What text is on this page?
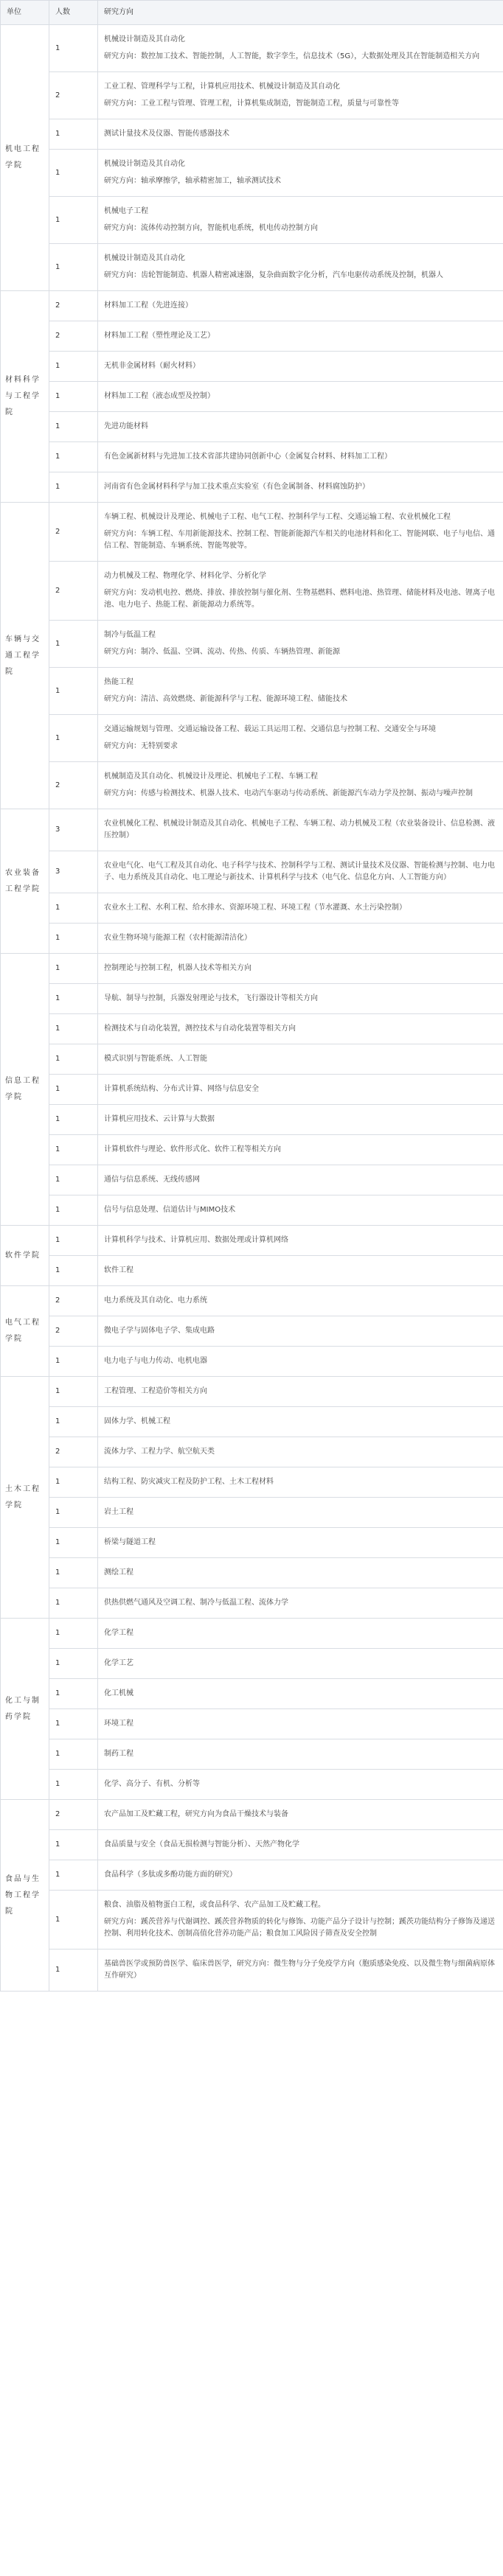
单位	人数	研究方向
机电工程学院	1	机械设计制造及其自动化

研究方向：数控加工技术、智能控制，人工智能，数字孪生，信息技术（5G），大数据处理及其在智能制造相关方向

	2	工业工程、管理科学与工程，计算机应用技术、机械设计制造及其自动化

研究方向：工业工程与管理、管理工程，计算机集成制造，智能制造工程，质量与可靠性等

	1	测试计量技术及仪器、智能传感器技术

	1	机械设计制造及其自动化

研究方向：轴承摩擦学，轴承精密加工，轴承测试技术

	1	机械电子工程

研究方向：流体传动控制方向，智能机电系统，机电传动控制方向

	1	机械设计制造及其自动化

研究方向：齿轮智能制造、机器人精密减速器，复杂曲面数字化分析，汽车电驱传动系统及控制，机器人

材料科学与工程学院	2	材料加工工程（先进连接）

	2	材料加工工程（塑性理论及工艺）

	1	无机非金属材料（耐火材料）

	1	材料加工工程（液态成型及控制）

	1	先进功能材料

	1	有色金属新材料与先进加工技术省部共建协同创新中心（金属复合材料、材料加工工程）

	1	河南省有色金属材料科学与加工技术重点实验室（有色金属制备、材料腐蚀防护）

车辆与交通工程学院	2	车辆工程、机械设计及理论、机械电子工程、电气工程、控制科学与工程、交通运输工程、农业机械化工程

研究方向：车辆工程、车用新能源技术、控制工程、智能新能源汽车相关的电池材料和化工、智能网联、电子与电信、通信工程、智能制造、车辆系统、智能驾驶等。

	2	动力机械及工程、物理化学、材料化学、分析化学

研究方向：发动机电控、燃烧、排放、排放控制与催化剂、生物基燃料、燃料电池、热管理、储能材料及电池、锂离子电池、电力电子、热能工程、新能源动力系统等。

	1	制冷与低温工程

研究方向：制冷、低温、空调、流动、传热、传质、车辆热管理、新能源

	1	热能工程

研究方向：清洁、高效燃烧、新能源科学与工程、能源环境工程、储能技术

	1	交通运输规划与管理、交通运输设备工程、载运工具运用工程、交通信息与控制工程、交通安全与环境

研究方向：无特别要求

	2	机械制造及其自动化、机械设计及理论、机械电子工程、车辆工程

研究方向：传感与检测技术、机器人技术、电动汽车驱动与传动系统、新能源汽车动力学及控制、振动与噪声控制

农业装备工程学院	3	农业机械化工程、机械设计制造及其自动化、机械电子工程、车辆工程、动力机械及工程（农业装备设计、信息检测、液压控制）

	3	农业电气化、电气工程及其自动化、电子科学与技术、控制科学与工程、测试计量技术及仪器、智能检测与控制、电力电子、电力系统及其自动化、电工理论与新技术、计算机科学与技术（电气化、信息化方向、人工智能方向）

	1	农业水土工程、水利工程、给水排水、资源环境工程、环境工程（节水灌溉、水土污染控制）

	1	农业生物环境与能源工程（农村能源清洁化）

信息工程学院	1	控制理论与控制工程，机器人技术等相关方向

	1	导航、制导与控制，兵器发射理论与技术，飞行器设计等相关方向

	1	检测技术与自动化装置，测控技术与自动化装置等相关方向

	1	模式识别与智能系统、人工智能

	1	计算机系统结构、分布式计算、网络与信息安全

	1	计算机应用技术、云计算与大数据

	1	计算机软件与理论、软件形式化、软件工程等相关方向

	1	通信与信息系统、无线传感网

	1	信号与信息处理、信道估计与MIMO技术

软件学院	1	计算机科学与技术、计算机应用、数据处理或计算机网络

	1	软件工程

电气工程学院	2	电力系统及其自动化、电力系统

	2	微电子学与固体电子学、集成电路

	1	电力电子与电力传动、电机电器

土木工程学院	1	工程管理、工程造价等相关方向

	1	固体力学、机械工程

	2	流体力学、工程力学、航空航天类

	1	结构工程、防灾减灾工程及防护工程、土木工程材料

	1	岩土工程

	1	桥梁与隧道工程

	1	测绘工程

	1	供热供燃气通风及空调工程、制冷与低温工程、流体力学

化工与制药学院	1	化学工程

	1	化学工艺

	1	化工机械

	1	环境工程

	1	制药工程

	1	化学、高分子、有机、分析等

食品与生物工程学院	2	农产品加工及贮藏工程，研究方向为食品干燥技术与装备

	1	食品质量与安全（食品无损检测与智能分析）、天然产物化学

	1	食品科学（多肽或多酚功能方面的研究）

	1	粮食、油脂及植物蛋白工程，或食品科学、农产品加工及贮藏工程。

研究方向：蹊茨营养与代谢调控、蹊茨营养物质的转化与修饰、功能产品分子设计与控制；蹊茨功能结构分子修饰及递送控制、利用转化技术、创制高值化营养功能产品；粮食加工风险因子筛查及安全控制

	1	基础兽医学或预防兽医学、临床兽医学，研究方向：微生物与分子免疫学方向（胞质感染免疫、以及微生物与细菌病原体互作研究）
